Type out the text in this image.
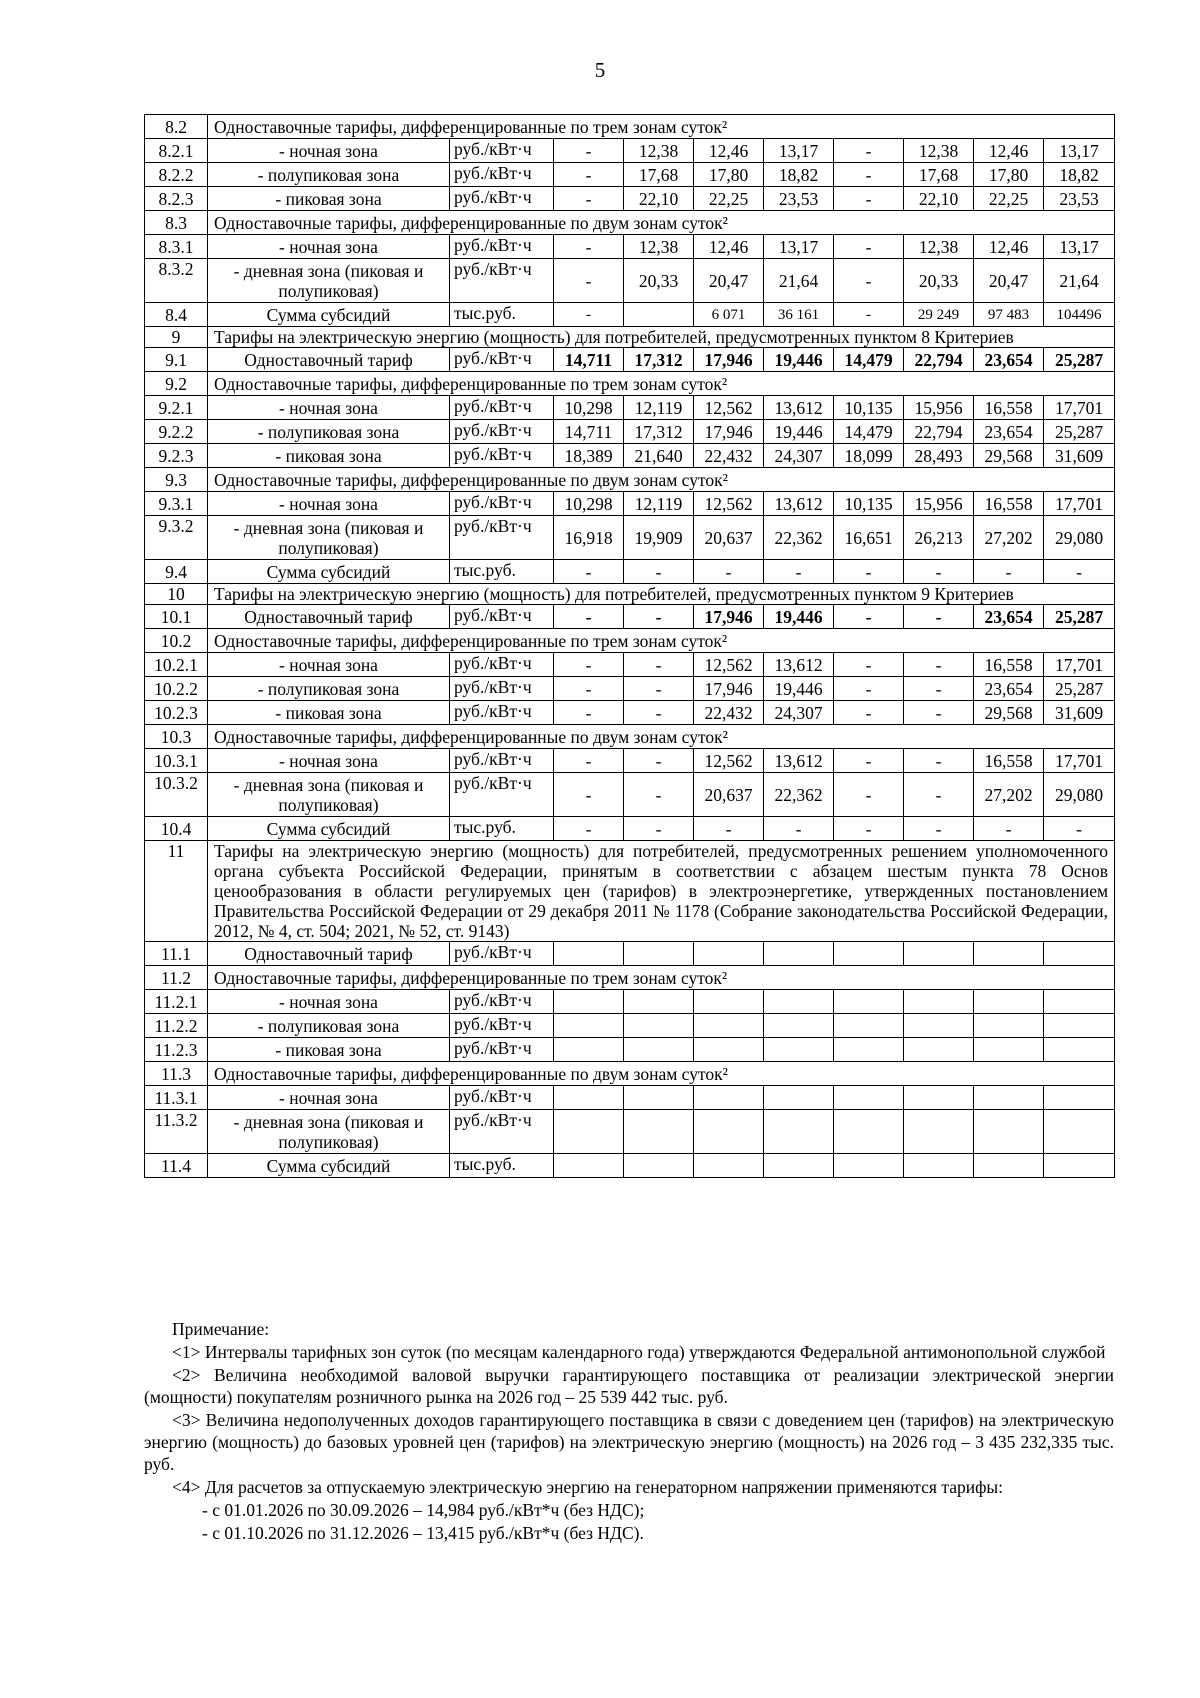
5
8.2	Одноставочные тарифы, дифференцированные по трем зонам суток²									
8.2.1	- ночная зона	руб./кВт·ч	-	12,38	12,46	13,17	-	12,38	12,46	13,17
8.2.2	- полупиковая зона	руб./кВт·ч	-	17,68	17,80	18,82	-	17,68	17,80	18,82
8.2.3	- пиковая зона	руб./кВт·ч	-	22,10	22,25	23,53	-	22,10	22,25	23,53
8.3	Одноставочные тарифы, дифференцированные по двум зонам суток²									
8.3.1	- ночная зона	руб./кВт·ч	-	12,38	12,46	13,17	-	12,38	12,46	13,17
8.3.2	- дневная зона (пиковая и полупиковая)	руб./кВт·ч	-	20,33	20,47	21,64	-	20,33	20,47	21,64
8.4	Сумма субсидий	тыс.руб.	-		6 071	36 161	-	29 249	97 483	104496
9	Тарифы на электрическую энергию (мощность) для потребителей, предусмотренных пунктом 8 Критериев									
9.1	Одноставочный тариф	руб./кВт·ч	14,711	17,312	17,946	19,446	14,479	22,794	23,654	25,287
9.2	Одноставочные тарифы, дифференцированные по трем зонам суток²									
9.2.1	- ночная зона	руб./кВт·ч	10,298	12,119	12,562	13,612	10,135	15,956	16,558	17,701
9.2.2	- полупиковая зона	руб./кВт·ч	14,711	17,312	17,946	19,446	14,479	22,794	23,654	25,287
9.2.3	- пиковая зона	руб./кВт·ч	18,389	21,640	22,432	24,307	18,099	28,493	29,568	31,609
9.3	Одноставочные тарифы, дифференцированные по двум зонам суток²									
9.3.1	- ночная зона	руб./кВт·ч	10,298	12,119	12,562	13,612	10,135	15,956	16,558	17,701
9.3.2	- дневная зона (пиковая и полупиковая)	руб./кВт·ч	16,918	19,909	20,637	22,362	16,651	26,213	27,202	29,080
9.4	Сумма субсидий	тыс.руб.	-	-	-	-	-	-	-	-
10	Тарифы на электрическую энергию (мощность) для потребителей, предусмотренных пунктом 9 Критериев									
10.1	Одноставочный тариф	руб./кВт·ч	-	-	17,946	19,446	-	-	23,654	25,287
10.2	Одноставочные тарифы, дифференцированные по трем зонам суток²									
10.2.1	- ночная зона	руб./кВт·ч	-	-	12,562	13,612	-	-	16,558	17,701
10.2.2	- полупиковая зона	руб./кВт·ч	-	-	17,946	19,446	-	-	23,654	25,287
10.2.3	- пиковая зона	руб./кВт·ч	-	-	22,432	24,307	-	-	29,568	31,609
10.3	Одноставочные тарифы, дифференцированные по двум зонам суток²									
10.3.1	- ночная зона	руб./кВт·ч	-	-	12,562	13,612	-	-	16,558	17,701
10.3.2	- дневная зона (пиковая и полупиковая)	руб./кВт·ч	-	-	20,637	22,362	-	-	27,202	29,080
10.4	Сумма субсидий	тыс.руб.	-	-	-	-	-	-	-	-
11	Тарифы на электрическую энергию (мощность) для потребителей, предусмотренных решением уполномоченного органа субъекта Российской Федерации, принятым в соответствии с абзацем шестым пункта 78 Основ ценообразования в области регулируемых цен (тарифов) в электроэнергетике, утвержденных постановлением Правительства Российской Федерации от 29 декабря 2011 № 1178 (Собрание законодательства Российской Федерации, 2012, № 4, ст. 504; 2021, № 52, ст. 9143)									
11.1	Одноставочный тариф	руб./кВт·ч								
11.2	Одноставочные тарифы, дифференцированные по трем зонам суток²									
11.2.1	- ночная зона	руб./кВт·ч								
11.2.2	- полупиковая зона	руб./кВт·ч								
11.2.3	- пиковая зона	руб./кВт·ч								
11.3	Одноставочные тарифы, дифференцированные по двум зонам суток²									
11.3.1	- ночная зона	руб./кВт·ч								
11.3.2	- дневная зона (пиковая и полупиковая)	руб./кВт·ч								
11.4	Сумма субсидий	тыс.руб.								

Примечание:

<1> Интервалы тарифных зон суток (по месяцам календарного года) утверждаются Федеральной антимонопольной службой

<2> Величина необходимой валовой выручки гарантирующего поставщика от реализации электрической энергии (мощности) покупателям розничного рынка на 2026 год – 25 539 442 тыс. руб.

<3> Величина недополученных доходов гарантирующего поставщика в связи с доведением цен (тарифов) на электрическую энергию (мощность) до базовых уровней цен (тарифов) на электрическую энергию (мощность) на 2026 год – 3 435 232,335 тыс. руб.

<4> Для расчетов за отпускаемую электрическую энергию на генераторном напряжении применяются тарифы:

- с 01.01.2026 по 30.09.2026 – 14,984 руб./кВт*ч (без НДС);

- с 01.10.2026 по 31.12.2026 – 13,415 руб./кВт*ч (без НДС).
